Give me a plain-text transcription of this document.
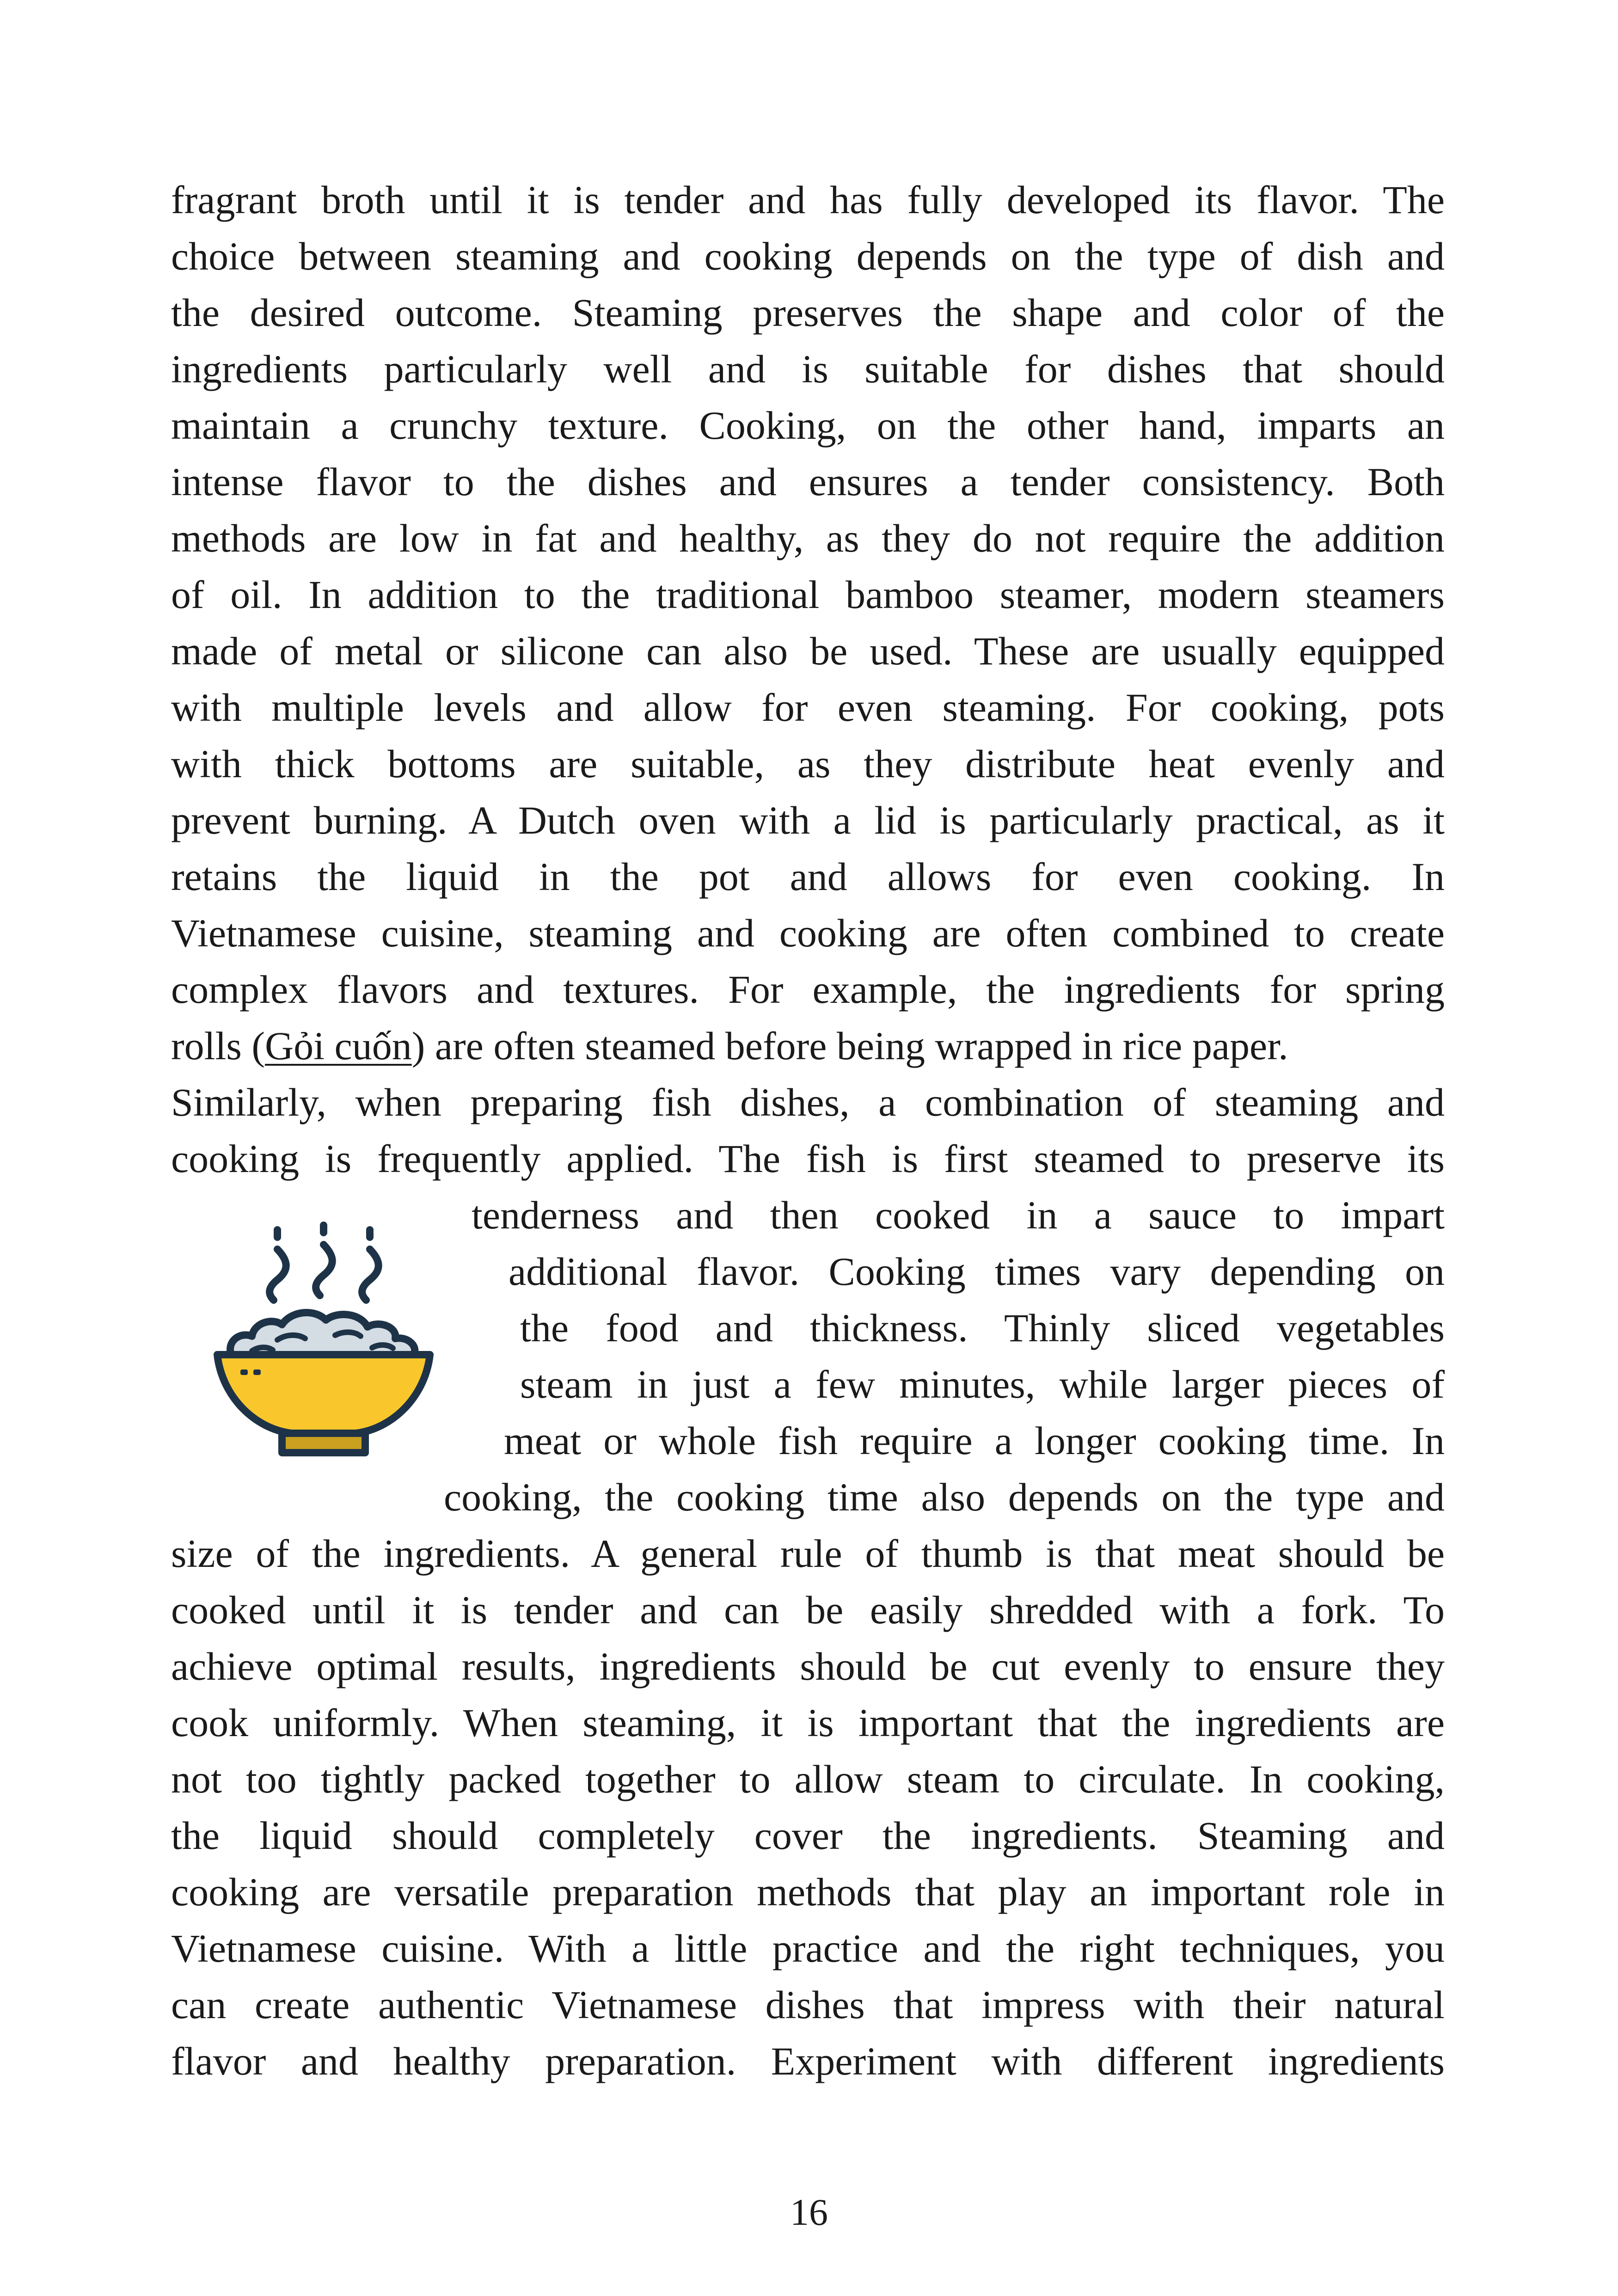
fragrant broth until it is tender and has fully developed its flavor. The
choice between steaming and cooking depends on the type of dish and
the desired outcome. Steaming preserves the shape and color of the
ingredients particularly well and is suitable for dishes that should
maintain a crunchy texture. Cooking, on the other hand, imparts an
intense flavor to the dishes and ensures a tender consistency. Both
methods are low in fat and healthy, as they do not require the addition
of oil. In addition to the traditional bamboo steamer, modern steamers
made of metal or silicone can also be used. These are usually equipped
with multiple levels and allow for even steaming. For cooking, pots
with thick bottoms are suitable, as they distribute heat evenly and
prevent burning. A Dutch oven with a lid is particularly practical, as it
retains the liquid in the pot and allows for even cooking. In
Vietnamese cuisine, steaming and cooking are often combined to create
complex flavors and textures. For example, the ingredients for spring
rolls (Gỏi cuốn) are often steamed before being wrapped in rice paper.
Similarly, when preparing fish dishes, a combination of steaming and
cooking is frequently applied. The fish is first steamed to preserve its
tenderness and then cooked in a sauce to impart
additional flavor. Cooking times vary depending on
the food and thickness. Thinly sliced vegetables
steam in just a few minutes, while larger pieces of
meat or whole fish require a longer cooking time. In
cooking, the cooking time also depends on the type and
size of the ingredients. A general rule of thumb is that meat should be
cooked until it is tender and can be easily shredded with a fork. To
achieve optimal results, ingredients should be cut evenly to ensure they
cook uniformly. When steaming, it is important that the ingredients are
not too tightly packed together to allow steam to circulate. In cooking,
the liquid should completely cover the ingredients. Steaming and
cooking are versatile preparation methods that play an important role in
Vietnamese cuisine. With a little practice and the right techniques, you
can create authentic Vietnamese dishes that impress with their natural
flavor and healthy preparation. Experiment with different ingredients
16
